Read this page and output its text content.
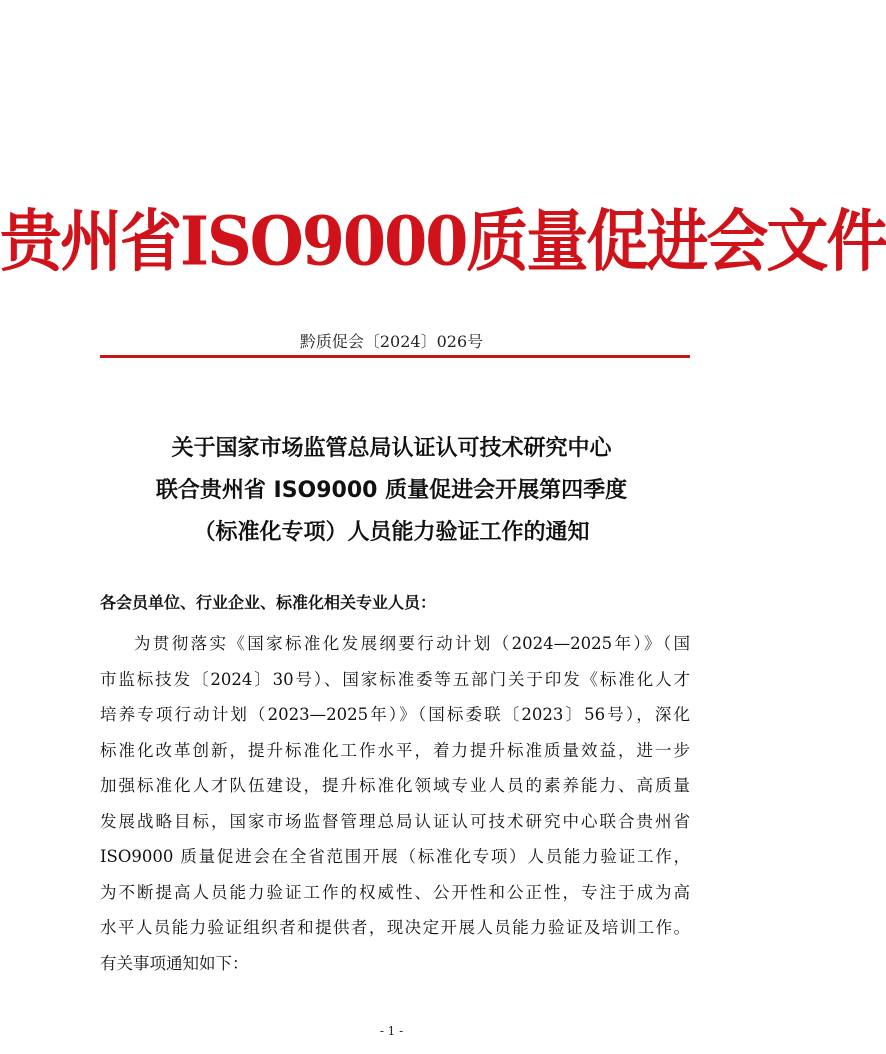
贵州省ISO9000质量促进会文件
黔质促会〔2024〕026号
关于国家市场监管总局认证认可技术研究中心
联合贵州省 ISO9000 质量促进会开展第四季度
（标准化专项）人员能力验证工作的通知
各会员单位、行业企业、标准化相关专业人员：
为贯彻落实《国家标准化发展纲要行动计划（2024—2025年）》（国
市监标技发〔2024〕30号）、国家标准委等五部门关于印发《标准化人才
培养专项行动计划（2023—2025年）》（国标委联〔2023〕56号），深化
标准化改革创新，提升标准化工作水平，着力提升标准质量效益，进一步
加强标准化人才队伍建设，提升标准化领域专业人员的素养能力、高质量
发展战略目标，国家市场监督管理总局认证认可技术研究中心联合贵州省
ISO9000 质量促进会在全省范围开展（标准化专项）人员能力验证工作，
为不断提高人员能力验证工作的权威性、公开性和公正性，专注于成为高
水平人员能力验证组织者和提供者，现决定开展人员能力验证及培训工作。
有关事项通知如下：
- 1 -
